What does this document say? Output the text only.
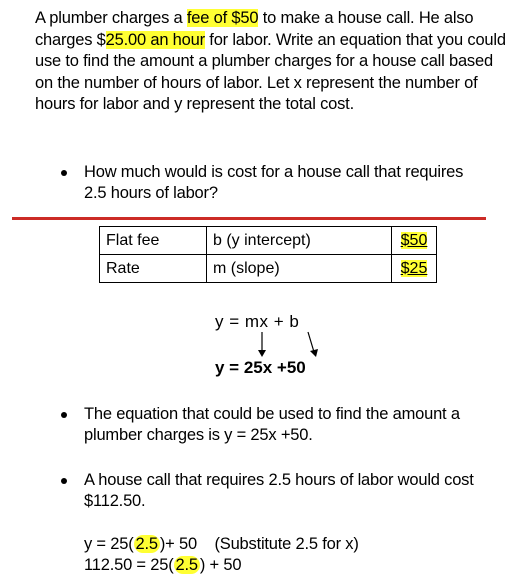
A plumber charges a fee of $50 to make a house call. He also charges $25.00 an hour for labor. Write an equation that you could use to find the amount a plumber charges for a house call based on the number of hours of labor. Let x represent the number of hours for labor and y represent the total cost.
How much would is cost for a house call that requires 2.5 hours of labor?
Flat fee	b (y intercept)	$50
Rate	m (slope)	$25
y = mx + b
y = 25x +50
The equation that could be used to find the amount a plumber charges is y = 25x +50.
A house call that requires 2.5 hours of labor would cost $112.50.
y = 25( 2.5 )+ 50    (Substitute 2.5 for x)
112.50 = 25( 2.5 ) + 50
